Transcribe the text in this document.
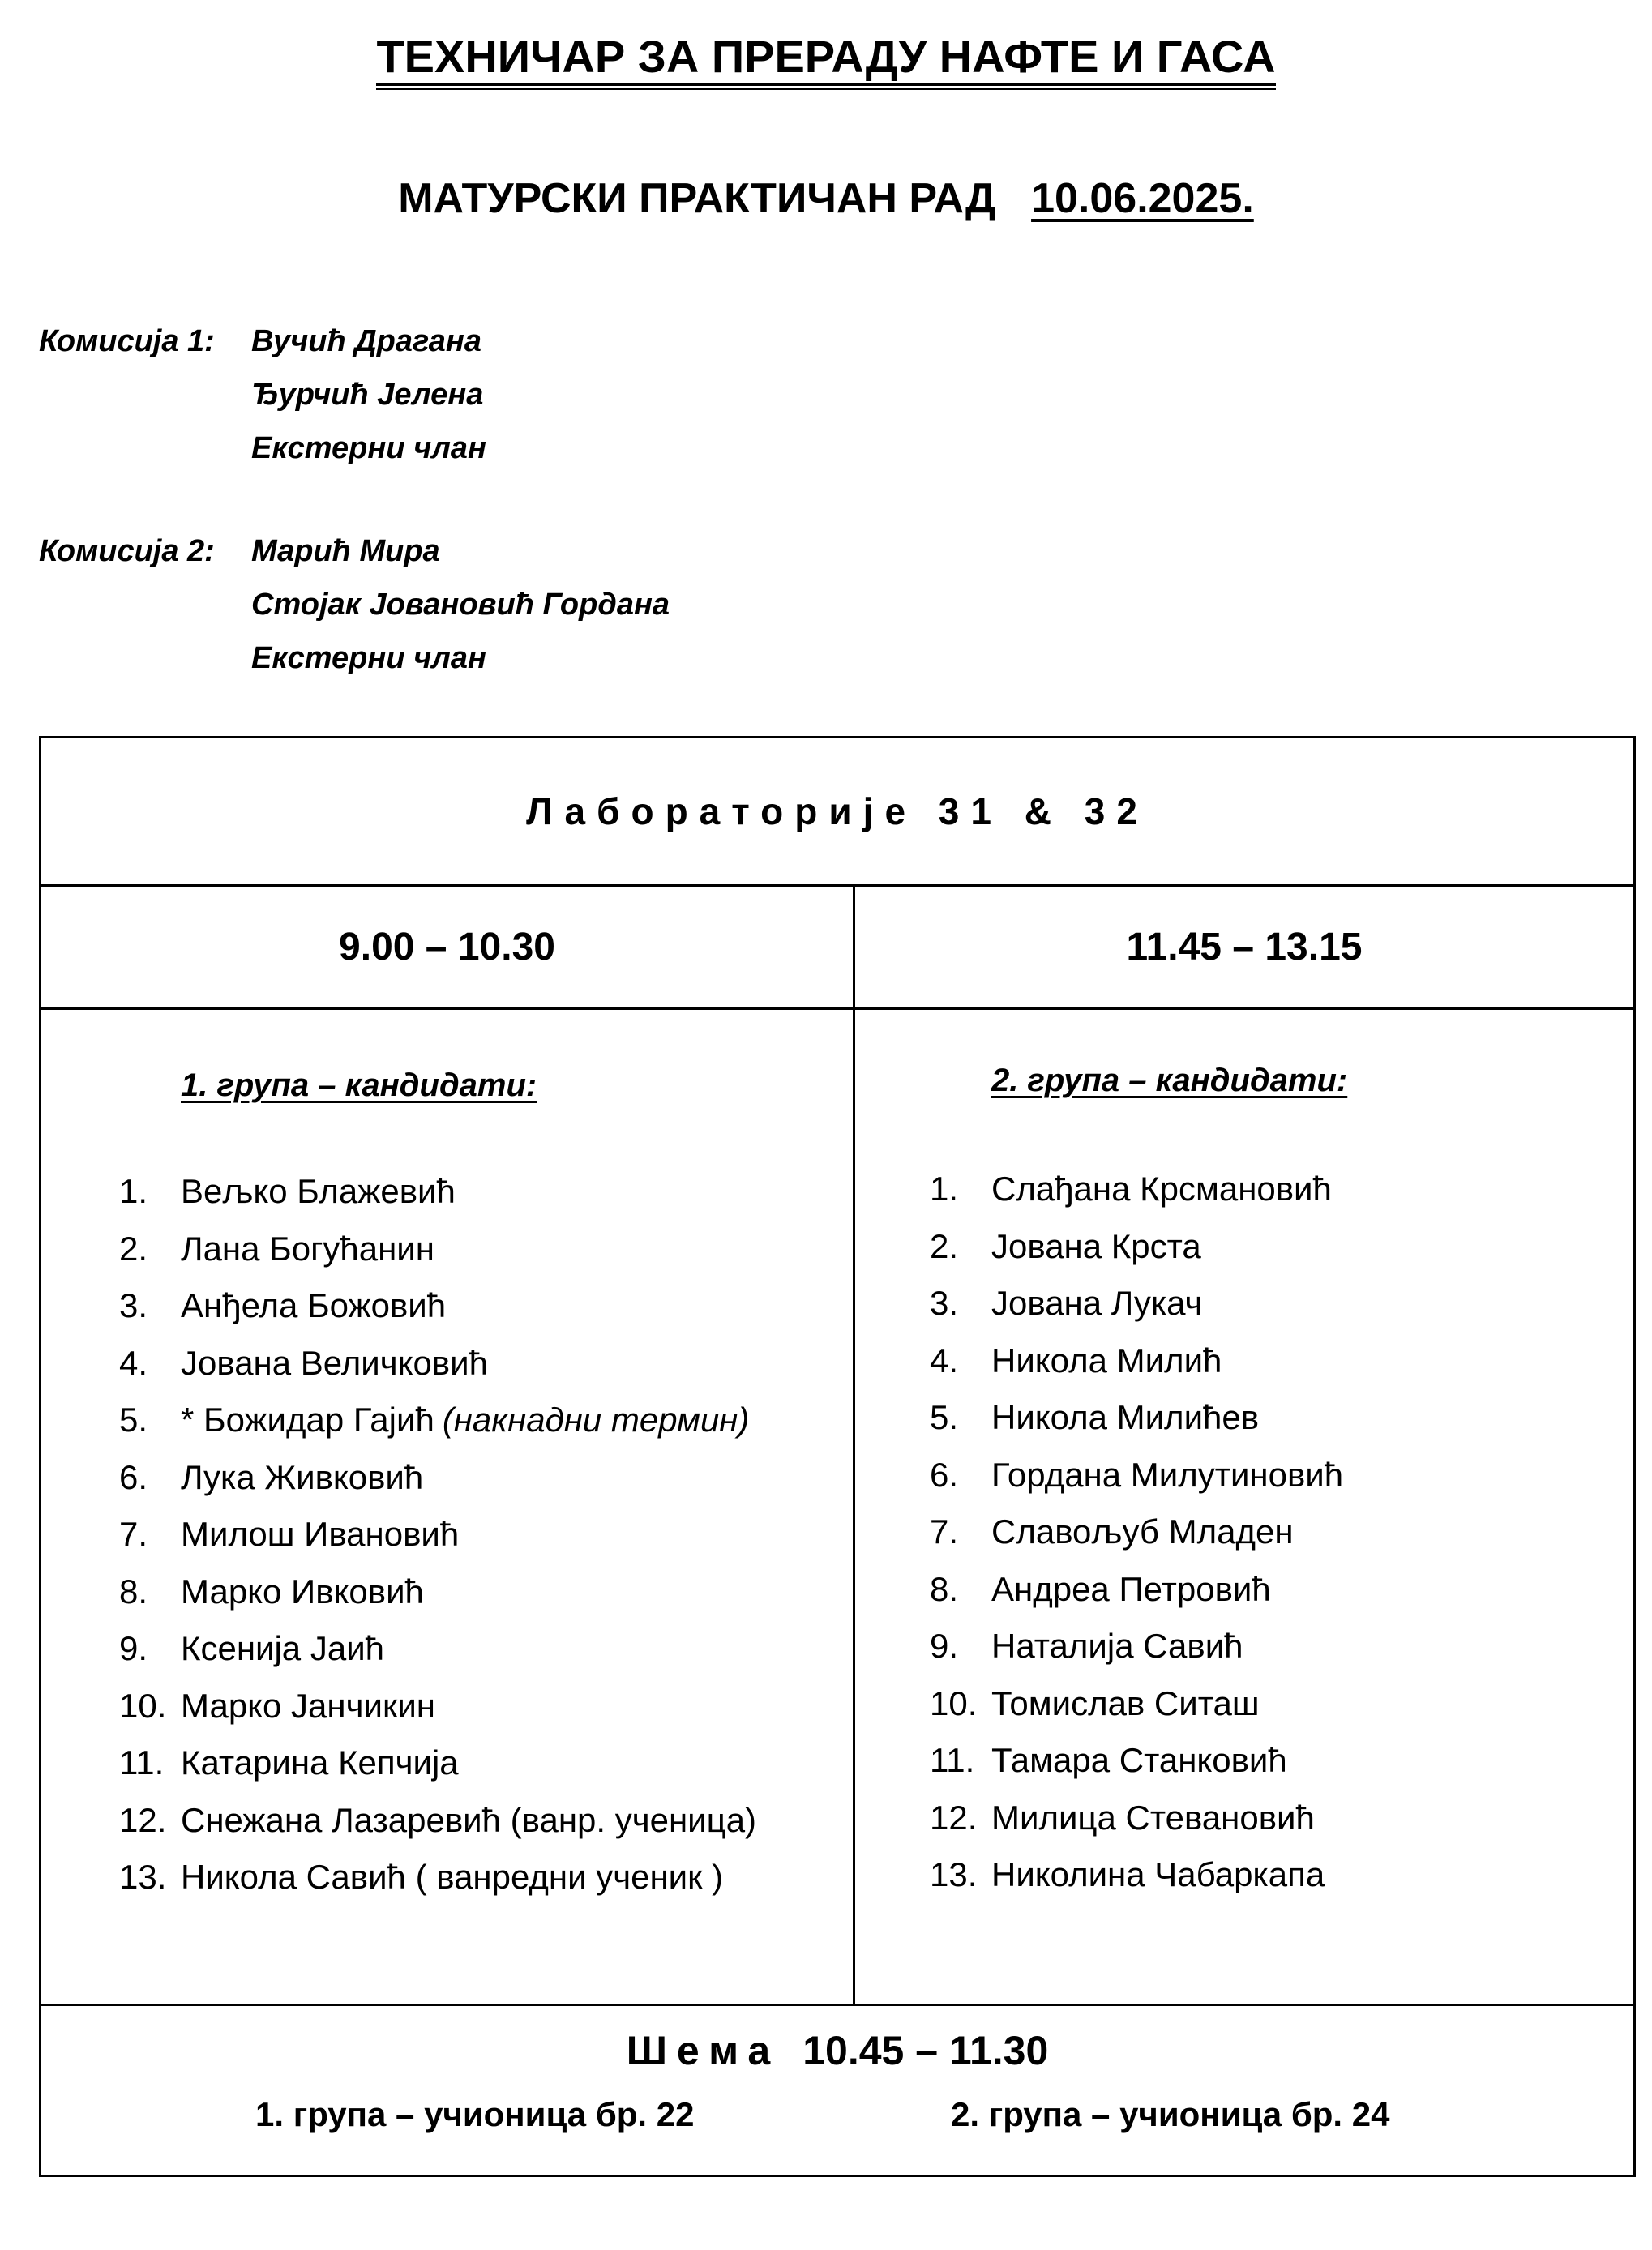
ТЕХНИЧАР ЗА ПРЕРАДУ НАФТЕ И ГАСА
МАТУРСКИ ПРАКТИЧАН РАД 10.06.2025.
Комисија 1: Вучић Драгана
Ђурчић Јелена
Екстерни члан
Комисија 2: Марић Мира
Стојак Јовановић Гордана
Екстерни члан
Лабораторије 31 & 32
9.00 – 10.30	11.45 – 13.15
1. група – кандидати:	2. група – кандидати:
1. Вељко Блажевић
2. Лана Богућанин
3. Анђела Божовић
4. Јована Величковић
5. * Божидар Гајић (накнадни термин)
6. Лука Живковић
7. Милош Ивановић
8. Марко Ивковић
9. Ксенија Јаић
10. Марко Јанчикин
11. Катарина Кепчија
12. Снежана Лазаревић (ванр. ученица)
13. Никола Савић ( ванредни ученик )
1. Слађана Крсмановић
2. Јована Крста
3. Јована Лукач
4. Никола Милић
5. Никола Милићев
6. Гордана Милутиновић
7. Славољуб Младен
8. Андреа Петровић
9. Наталија Савић
10. Томислав Ситаш
11. Тамара Станковић
12. Милица Стевановић
13. Николина Чабаркапа
Шема 10.45 – 11.30
1. група – учионица бр. 22	2. група – учионица бр. 24
